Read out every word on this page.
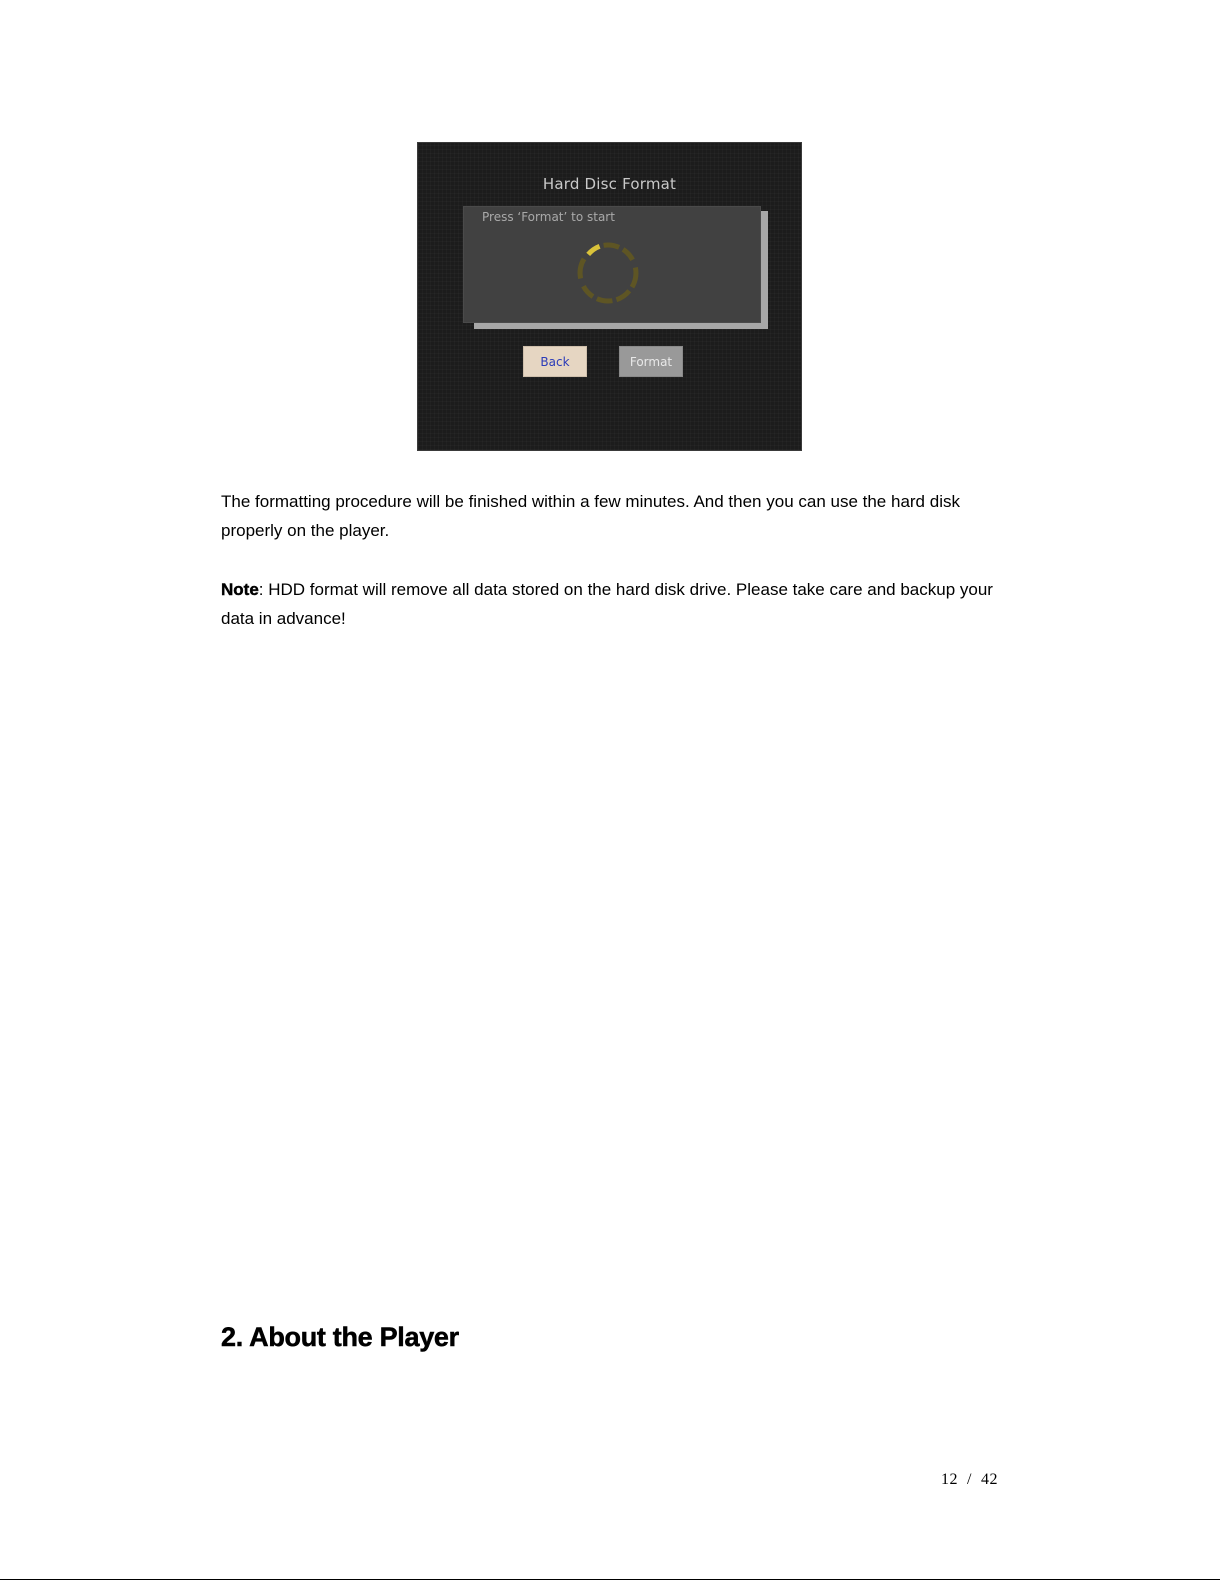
Hard Disc Format
Press ‘Format’ to start
Back	Format

The formatting procedure will be finished within a few minutes. And then you can use the hard disk properly on the player.

Note: HDD format will remove all data stored on the hard disk drive. Please take care and backup your data in advance!

2. About the Player
12  /  42
